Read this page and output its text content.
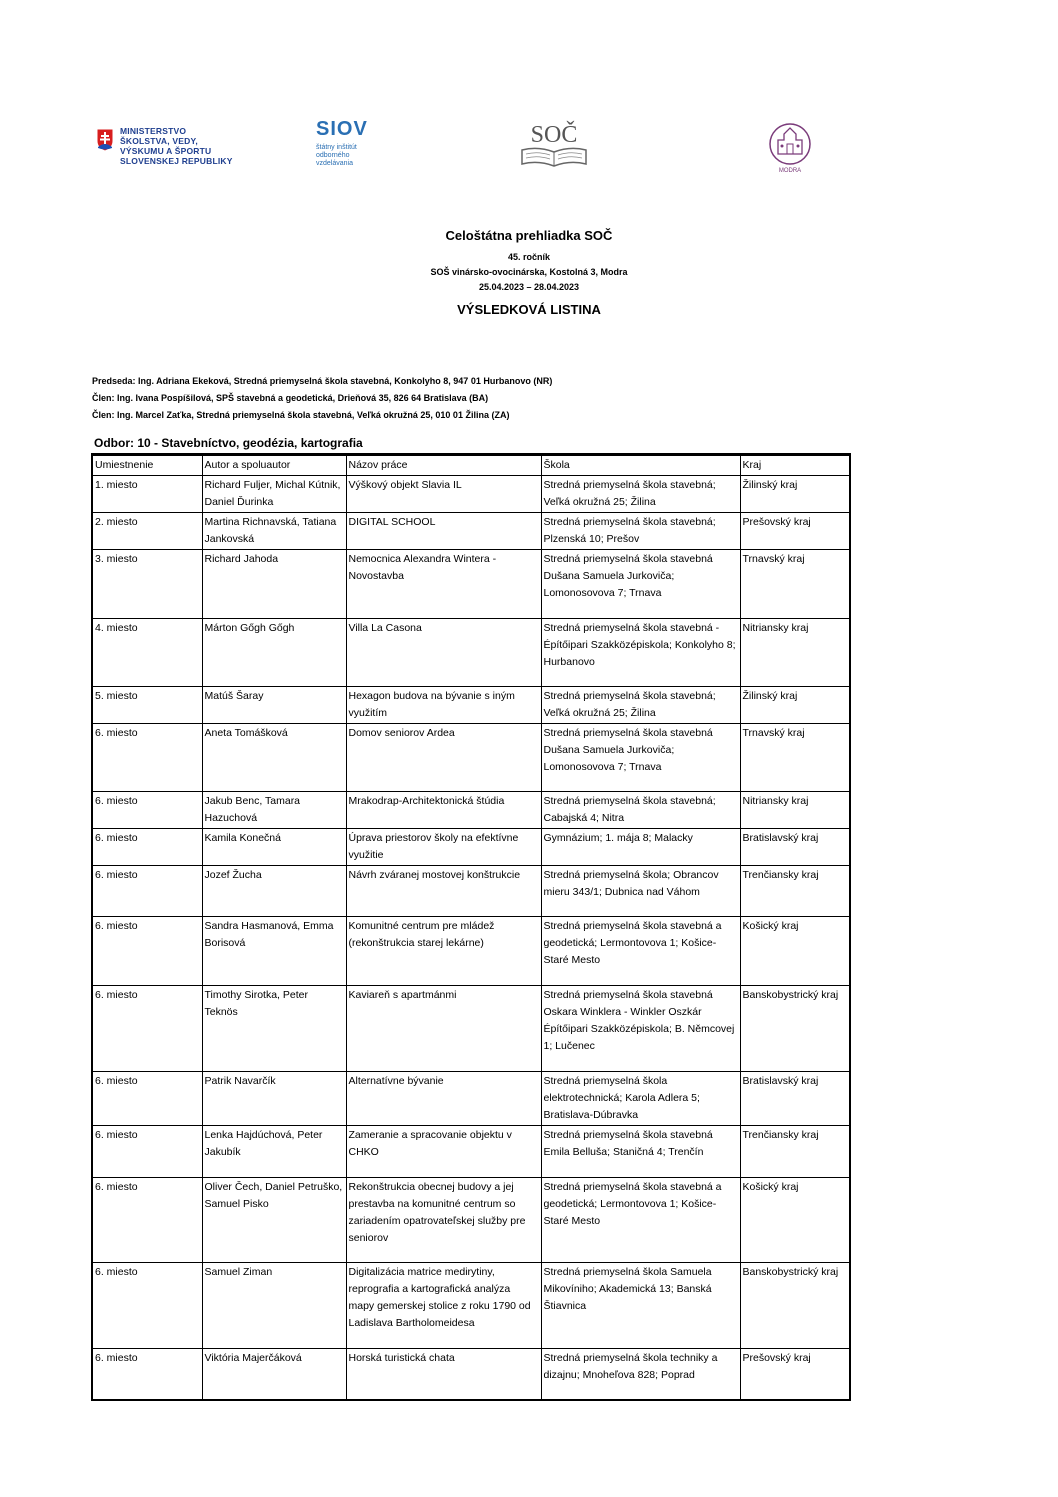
MINISTERSTVO
ŠKOLSTVA, VEDY,
VÝSKUMU A ŠPORTU
SLOVENSKEJ REPUBLIKY
SIOV
štátny inštitút
odborného
vzdelávania
SOČ
MODRA
Celoštátna prehliadka SOČ
45. ročník
SOŠ vinársko-ovocinárska, Kostolná 3, Modra
25.04.2023 – 28.04.2023
VÝSLEDKOVÁ LISTINA
Predseda: Ing. Adriana Ekeková, Stredná priemyselná škola stavebná, Konkolyho 8, 947 01 Hurbanovo (NR)
Člen: Ing. Ivana Pospíšilová, SPŠ stavebná a geodetická, Drieňová 35, 826 64 Bratislava (BA)
Člen: Ing. Marcel Zaťka, Stredná priemyselná škola stavebná, Veľká okružná 25, 010 01 Žilina (ZA)
Odbor: 10 - Stavebníctvo, geodézia, kartografia
Umiestnenie	Autor a spoluautor	Názov práce	Škola	Kraj
1. miesto	Richard Fuljer, Michal Kútnik, Daniel Ďurinka	Výškový objekt Slavia IL	Stredná priemyselná škola stavebná; Veľká okružná 25; Žilina	Žilinský kraj
2. miesto	Martina Richnavská, Tatiana Jankovská	DIGITAL SCHOOL	Stredná priemyselná škola stavebná; Plzenská 10; Prešov	Prešovský kraj
3. miesto	Richard Jahoda	Nemocnica Alexandra Wintera - Novostavba	Stredná priemyselná škola stavebná Dušana Samuela Jurkoviča; Lomonosovova 7; Trnava	Trnavský kraj
4. miesto	Márton Gőgh Gőgh	Villa La Casona	Stredná priemyselná škola stavebná - Építőipari Szakközépiskola; Konkolyho 8; Hurbanovo	Nitriansky kraj
5. miesto	Matúš Šaray	Hexagon budova na bývanie s iným využitím	Stredná priemyselná škola stavebná; Veľká okružná 25; Žilina	Žilinský kraj
6. miesto	Aneta Tomášková	Domov seniorov Ardea	Stredná priemyselná škola stavebná Dušana Samuela Jurkoviča; Lomonosovova 7; Trnava	Trnavský kraj
6. miesto	Jakub Benc, Tamara Hazuchová	Mrakodrap-Architektonická štúdia	Stredná priemyselná škola stavebná; Cabajská 4; Nitra	Nitriansky kraj
6. miesto	Kamila Konečná	Úprava priestorov školy na efektívne využitie	Gymnázium; 1. mája 8; Malacky	Bratislavský kraj
6. miesto	Jozef Žucha	Návrh zváranej mostovej konštrukcie	Stredná priemyselná škola; Obrancov mieru 343/1; Dubnica nad Váhom	Trenčiansky kraj
6. miesto	Sandra Hasmanová, Emma Borisová	Komunitné centrum pre mládež (rekonštrukcia starej lekárne)	Stredná priemyselná škola stavebná a geodetická; Lermontovova 1; Košice-Staré Mesto	Košický kraj
6. miesto	Timothy Sirotka, Peter Teknös	Kaviareň s apartmánmi	Stredná priemyselná škola stavebná Oskara Winklera - Winkler Oszkár Építőipari Szakközépiskola; B. Němcovej 1; Lučenec	Banskobystrický kraj
6. miesto	Patrik Navarčík	Alternatívne bývanie	Stredná priemyselná škola elektrotechnická; Karola Adlera 5; Bratislava-Dúbravka	Bratislavský kraj
6. miesto	Lenka Hajdúchová, Peter Jakubík	Zameranie a spracovanie objektu v CHKO	Stredná priemyselná škola stavebná Emila Belluša; Staničná 4; Trenčín	Trenčiansky kraj
6. miesto	Oliver Čech, Daniel Petruško, Samuel Pisko	Rekonštrukcia obecnej budovy a jej prestavba na komunitné centrum so zariadením opatrovateľskej služby pre seniorov	Stredná priemyselná škola stavebná a geodetická; Lermontovova 1; Košice-Staré Mesto	Košický kraj
6. miesto	Samuel Ziman	Digitalizácia matrice medirytiny, reprografia a kartografická analýza mapy gemerskej stolice z roku 1790 od Ladislava Bartholomeidesa	Stredná priemyselná škola Samuela Mikovíniho; Akademická 13; Banská Štiavnica	Banskobystrický kraj
6. miesto	Viktória Majerčáková	Horská turistická chata	Stredná priemyselná škola techniky a dizajnu; Mnoheľova 828; Poprad	Prešovský kraj
